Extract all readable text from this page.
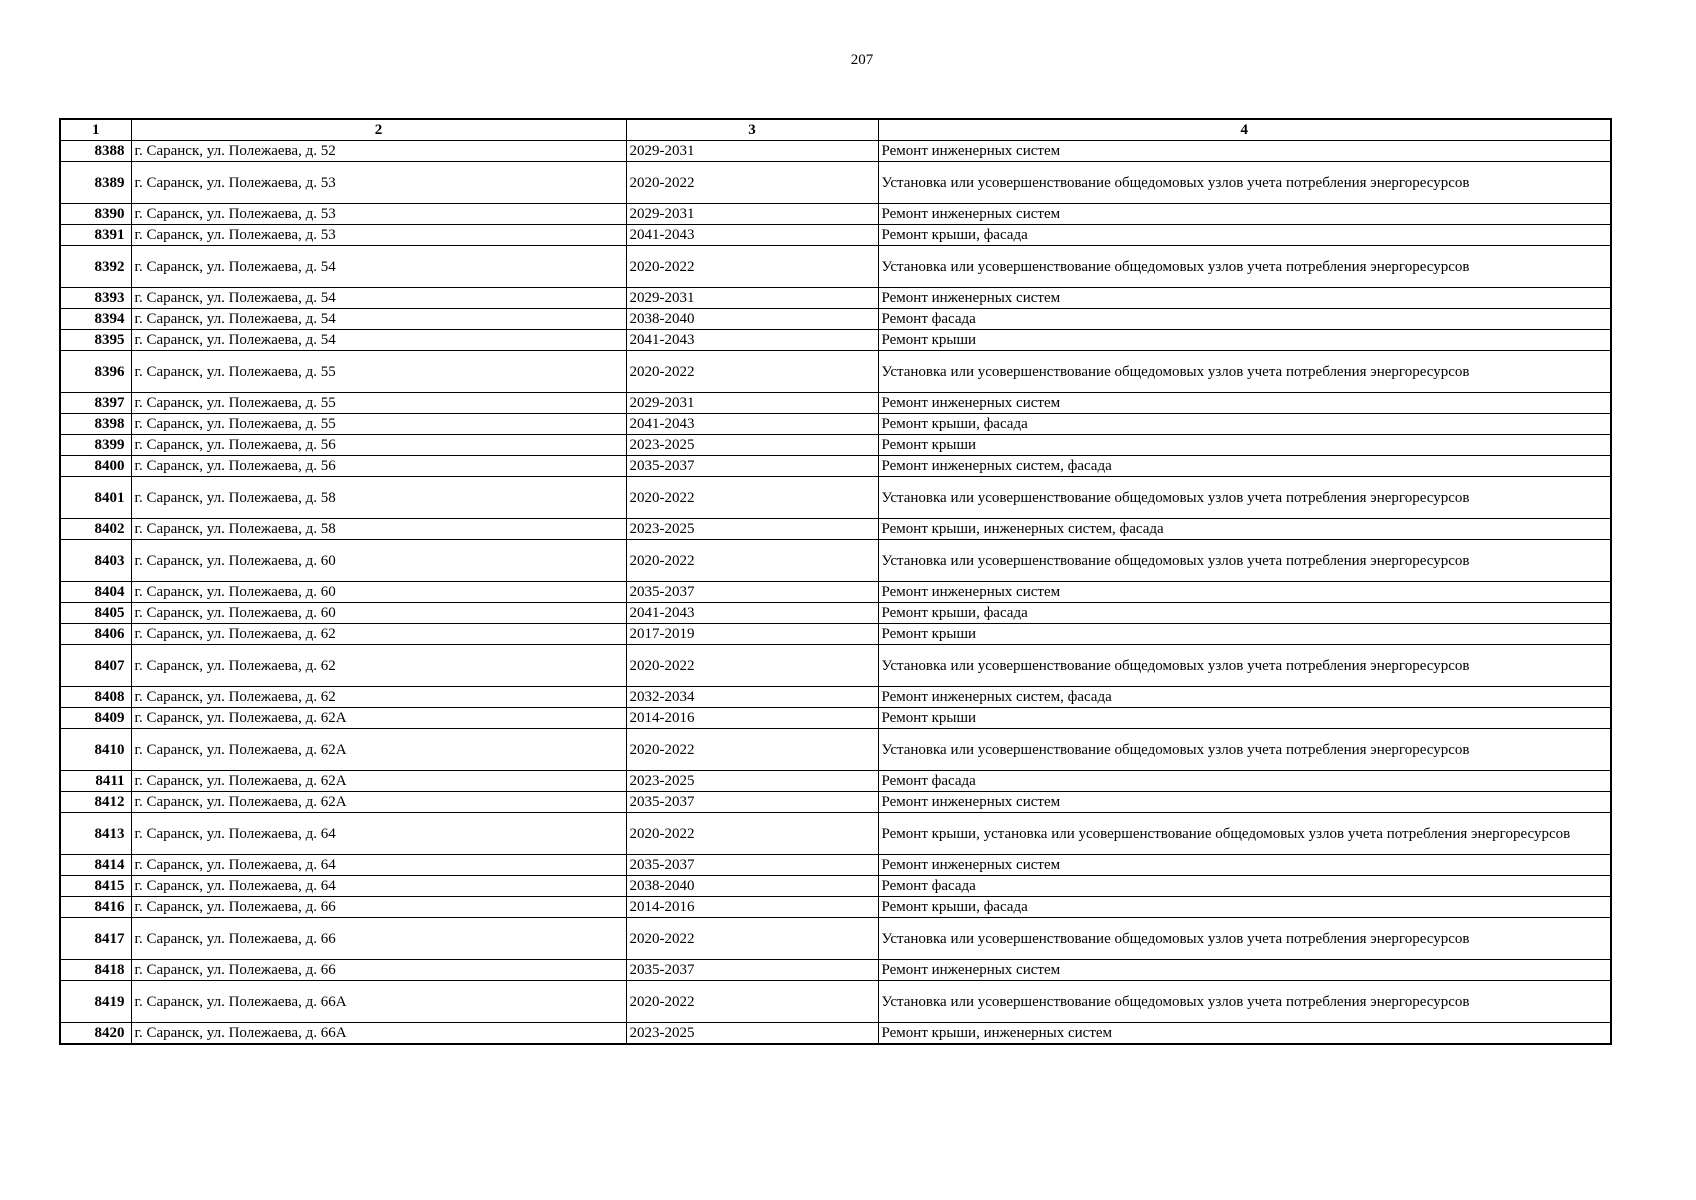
207
1	2	3	4
8388	г. Саранск, ул. Полежаева, д. 52	2029-2031	Ремонт инженерных систем
8389	г. Саранск, ул. Полежаева, д. 53	2020-2022	Установка или усовершенствование общедомовых узлов учета потребления энергоресурсов
8390	г. Саранск, ул. Полежаева, д. 53	2029-2031	Ремонт инженерных систем
8391	г. Саранск, ул. Полежаева, д. 53	2041-2043	Ремонт крыши, фасада
8392	г. Саранск, ул. Полежаева, д. 54	2020-2022	Установка или усовершенствование общедомовых узлов учета потребления энергоресурсов
8393	г. Саранск, ул. Полежаева, д. 54	2029-2031	Ремонт инженерных систем
8394	г. Саранск, ул. Полежаева, д. 54	2038-2040	Ремонт фасада
8395	г. Саранск, ул. Полежаева, д. 54	2041-2043	Ремонт крыши
8396	г. Саранск, ул. Полежаева, д. 55	2020-2022	Установка или усовершенствование общедомовых узлов учета потребления энергоресурсов
8397	г. Саранск, ул. Полежаева, д. 55	2029-2031	Ремонт инженерных систем
8398	г. Саранск, ул. Полежаева, д. 55	2041-2043	Ремонт крыши, фасада
8399	г. Саранск, ул. Полежаева, д. 56	2023-2025	Ремонт крыши
8400	г. Саранск, ул. Полежаева, д. 56	2035-2037	Ремонт инженерных систем, фасада
8401	г. Саранск, ул. Полежаева, д. 58	2020-2022	Установка или усовершенствование общедомовых узлов учета потребления энергоресурсов
8402	г. Саранск, ул. Полежаева, д. 58	2023-2025	Ремонт крыши, инженерных систем, фасада
8403	г. Саранск, ул. Полежаева, д. 60	2020-2022	Установка или усовершенствование общедомовых узлов учета потребления энергоресурсов
8404	г. Саранск, ул. Полежаева, д. 60	2035-2037	Ремонт инженерных систем
8405	г. Саранск, ул. Полежаева, д. 60	2041-2043	Ремонт крыши, фасада
8406	г. Саранск, ул. Полежаева, д. 62	2017-2019	Ремонт крыши
8407	г. Саранск, ул. Полежаева, д. 62	2020-2022	Установка или усовершенствование общедомовых узлов учета потребления энергоресурсов
8408	г. Саранск, ул. Полежаева, д. 62	2032-2034	Ремонт инженерных систем, фасада
8409	г. Саранск, ул. Полежаева, д. 62А	2014-2016	Ремонт крыши
8410	г. Саранск, ул. Полежаева, д. 62А	2020-2022	Установка или усовершенствование общедомовых узлов учета потребления энергоресурсов
8411	г. Саранск, ул. Полежаева, д. 62А	2023-2025	Ремонт фасада
8412	г. Саранск, ул. Полежаева, д. 62А	2035-2037	Ремонт инженерных систем
8413	г. Саранск, ул. Полежаева, д. 64	2020-2022	Ремонт крыши, установка или усовершенствование общедомовых узлов учета потребления энергоресурсов
8414	г. Саранск, ул. Полежаева, д. 64	2035-2037	Ремонт инженерных систем
8415	г. Саранск, ул. Полежаева, д. 64	2038-2040	Ремонт фасада
8416	г. Саранск, ул. Полежаева, д. 66	2014-2016	Ремонт крыши, фасада
8417	г. Саранск, ул. Полежаева, д. 66	2020-2022	Установка или усовершенствование общедомовых узлов учета потребления энергоресурсов
8418	г. Саранск, ул. Полежаева, д. 66	2035-2037	Ремонт инженерных систем
8419	г. Саранск, ул. Полежаева, д. 66А	2020-2022	Установка или усовершенствование общедомовых узлов учета потребления энергоресурсов
8420	г. Саранск, ул. Полежаева, д. 66А	2023-2025	Ремонт крыши, инженерных систем
